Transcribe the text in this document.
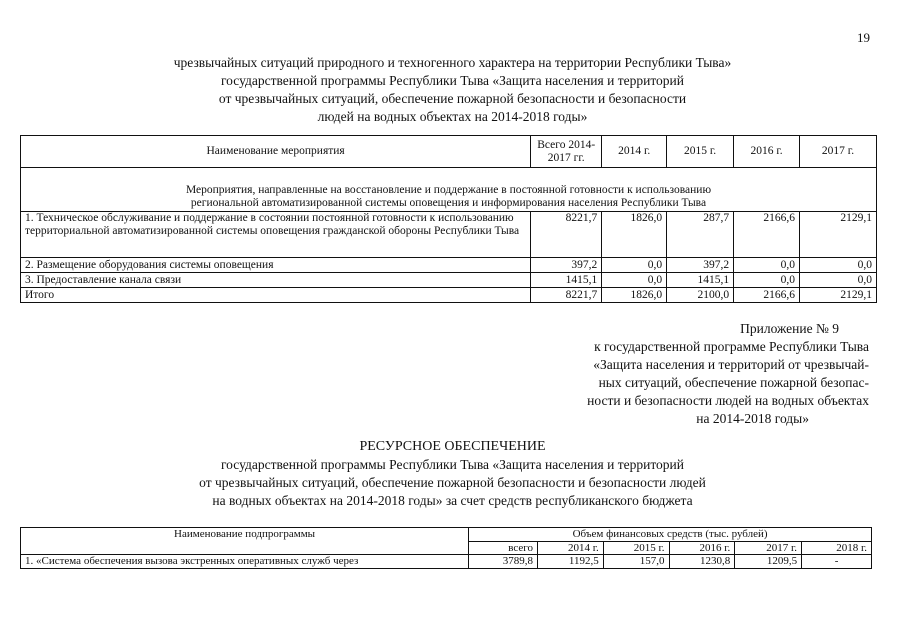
19
чрезвычайных ситуаций природного и техногенного характера на территории Республики Тыва»
государственной программы Республики Тыва «Защита населения и территорий
от чрезвычайных ситуаций, обеспечение пожарной безопасности и безопасности
людей на водных объектах на 2014-2018 годы»
Наименование мероприятия	Всего 2014-2017 гг.	2014 г.	2015 г.	2016 г.	2017 г.

Мероприятия, направленные на восстановление и поддержание в постоянной готовности к использованию
региональной автоматизированной системы оповещения и информирования населения Республики Тыва					

1. Техническое обслуживание и поддержание в состоянии постоянной готовности к использованию территориальной автоматизированной системы оповещения гражданской обороны Республики Тыва	8221,7	1826,0	287,7	2166,6	2129,1
2. Размещение оборудования системы оповещения	397,2	0,0	397,2	0,0	0,0
3. Предоставление канала связи	1415,1	0,0	1415,1	0,0	0,0
Итого	8221,7	1826,0	2100,0	2166,6	2129,1
Приложение № 9
к государственной программе Республики Тыва
«Защита населения и территорий от чрезвычай-
ных ситуаций, обеспечение пожарной безопас-
ности и безопасности людей на водных объектах
на 2014-2018 годы»
РЕСУРСНОЕ ОБЕСПЕЧЕНИЕ
государственной программы Республики Тыва «Защита населения и территорий
от чрезвычайных ситуаций, обеспечение пожарной безопасности и безопасности людей
на водных объектах на 2014-2018 годы» за счет средств республиканского бюджета
Наименование подпрограммы	Объем финансовых средств (тыс. рублей)					
	всего	2014 г.	2015 г.	2016 г.	2017 г.	2018 г.
1. «Система обеспечения вызова экстренных оперативных служб через	3789,8	1192,5	157,0	1230,8	1209,5	-
